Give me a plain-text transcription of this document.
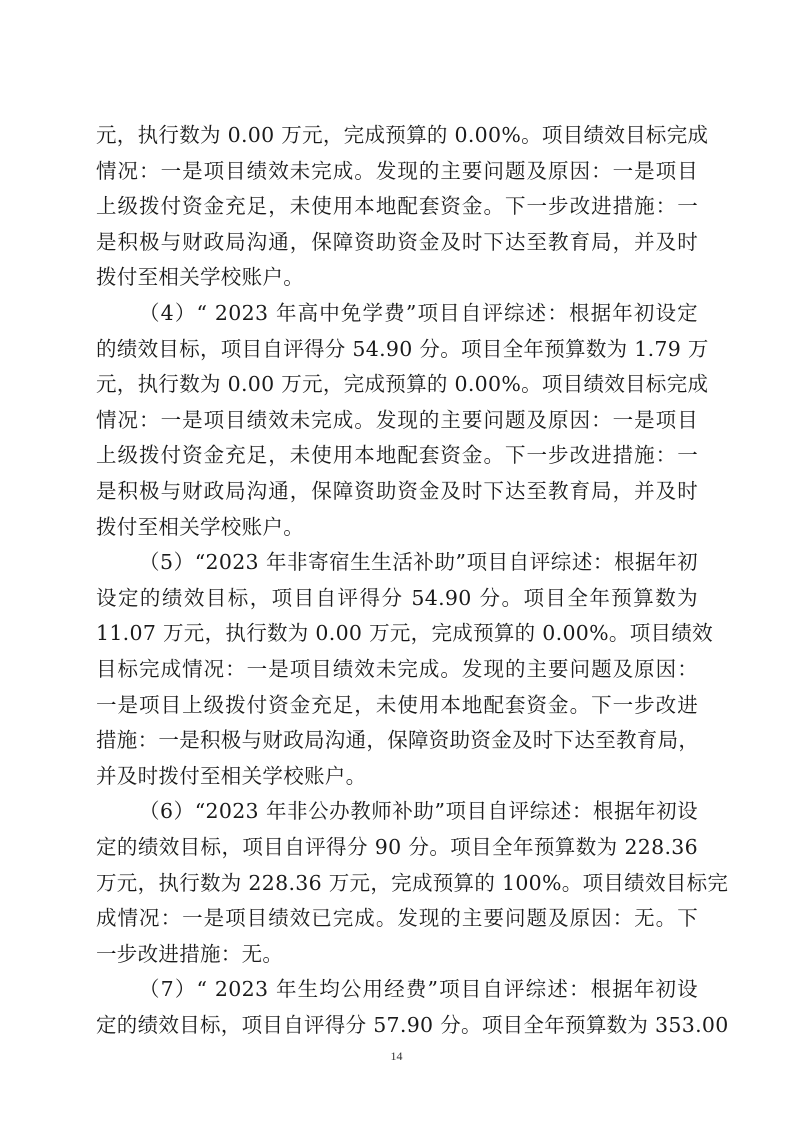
元，执行数为 0.00 万元，完成预算的 0.00%。项目绩效目标完成
情况：一是项目绩效未完成。发现的主要问题及原因：一是项目
上级拨付资金充足，未使用本地配套资金。下一步改进措施：一
是积极与财政局沟通，保障资助资金及时下达至教育局，并及时
拨付至相关学校账户。
（4）“ 2023 年高中免学费”项目自评综述：根据年初设定
的绩效目标，项目自评得分 54.90 分。项目全年预算数为 1.79 万
元，执行数为 0.00 万元，完成预算的 0.00%。项目绩效目标完成
情况：一是项目绩效未完成。发现的主要问题及原因：一是项目
上级拨付资金充足，未使用本地配套资金。下一步改进措施：一
是积极与财政局沟通，保障资助资金及时下达至教育局，并及时
拨付至相关学校账户。
（5）“2023 年非寄宿生生活补助”项目自评综述：根据年初
设定的绩效目标，项目自评得分 54.90 分。项目全年预算数为
11.07 万元，执行数为 0.00 万元，完成预算的 0.00%。项目绩效
目标完成情况：一是项目绩效未完成。发现的主要问题及原因：
一是项目上级拨付资金充足，未使用本地配套资金。下一步改进
措施：一是积极与财政局沟通，保障资助资金及时下达至教育局，
并及时拨付至相关学校账户。
（6）“2023 年非公办教师补助”项目自评综述：根据年初设
定的绩效目标，项目自评得分 90 分。项目全年预算数为 228.36
万元，执行数为 228.36 万元，完成预算的 100%。项目绩效目标完
成情况：一是项目绩效已完成。发现的主要问题及原因：无。下
一步改进措施：无。
（7）“ 2023 年生均公用经费”项目自评综述：根据年初设
定的绩效目标，项目自评得分 57.90 分。项目全年预算数为 353.00
14
